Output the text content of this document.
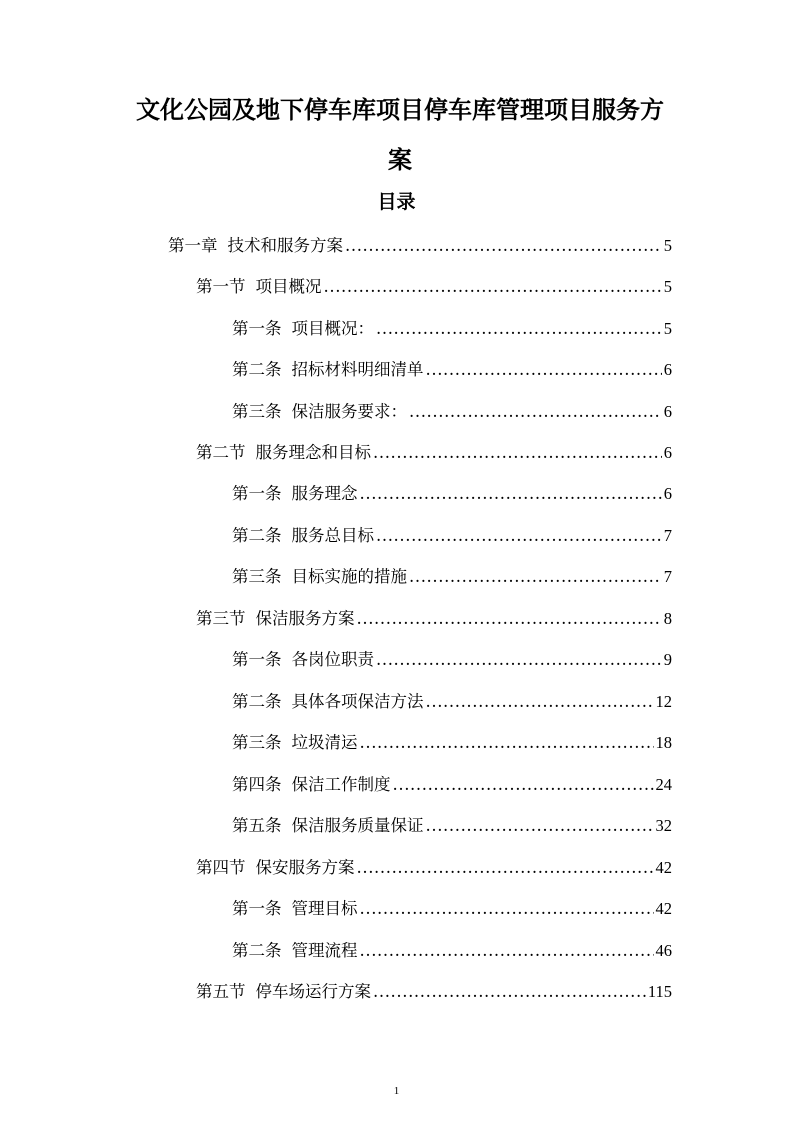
文化公园及地下停车库项目停车库管理项目服务方
案
目录
第一章 技术和服务方案 .....	5
第一节 项目概况 .....	5
第一条 项目概况： .....	5
第二条 招标材料明细清单 .....	6
第三条 保洁服务要求： .....	6
第二节 服务理念和目标 .....	6
第一条 服务理念 .....	6
第二条 服务总目标 .....	7
第三条 目标实施的措施 .....	7
第三节 保洁服务方案 .....	8
第一条 各岗位职责 .....	9
第二条 具体各项保洁方法 .....	12
第三条 垃圾清运 .....	18
第四条 保洁工作制度 .....	24
第五条 保洁服务质量保证 .....	32
第四节 保安服务方案 .....	42
第一条 管理目标 .....	42
第二条 管理流程 .....	46
第五节 停车场运行方案 .....	115
1
